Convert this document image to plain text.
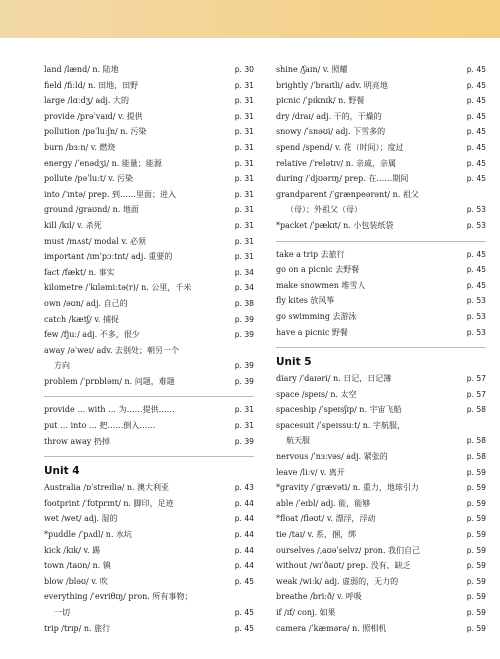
land /lænd/ n. 陆地	p. 30
field /fiːld/ n. 田地，田野	p. 31
large /lɑːdʒ/ adj. 大的	p. 31
provide /prəˈvaɪd/ v. 提供	p. 31
pollution /pəˈluːʃn/ n. 污染	p. 31
burn /bɜːn/ v. 燃烧	p. 31
energy /ˈenədʒi/ n. 能量；能源	p. 31
pollute /pəˈluːt/ v. 污染	p. 31
into /ˈɪntə/ prep. 到……里面；进入	p. 31
ground /ɡraʊnd/ n. 地面	p. 31
kill /kɪl/ v. 杀死	p. 31
must /mʌst/ modal v. 必须	p. 31
important /ɪmˈpɔːtnt/ adj. 重要的	p. 31
fact /fækt/ n. 事实	p. 34
kilometre /ˈkɪləmiːtə(r)/ n. 公里，千米	p. 34
own /əʊn/ adj. 自己的	p. 38
catch /kætʃ/ v. 捕捉	p. 39
few /fjuː/ adj. 不多，很少	p. 39
away /əˈweɪ/ adv. 去别处；朝另一个
方向	p. 39
problem /ˈprɒbləm/ n. 问题，难题	p. 39
provide … with … 为……提供……	p. 31
put … into … 把……倒入……	p. 31
throw away 扔掉	p. 39
Unit 4
Australia /ɒˈstreɪliə/ n. 澳大利亚	p. 43
footprint /ˈfʊtprɪnt/ n. 脚印，足迹	p. 44
wet /wet/ adj. 湿的	p. 44
*puddle /ˈpʌdl/ n. 水坑	p. 44
kick /kɪk/ v. 踢	p. 44
town /taʊn/ n. 镇	p. 44
blow /bləʊ/ v. 吹	p. 45
everything /ˈevriθɪŋ/ pron. 所有事物；
一切	p. 45
trip /trɪp/ n. 旅行	p. 45
shine /ʃaɪn/ v. 照耀	p. 45
brightly /ˈbraɪtli/ adv. 明亮地	p. 45
picnic /ˈpɪknɪk/ n. 野餐	p. 45
dry /draɪ/ adj. 干的，干燥的	p. 45
snowy /ˈsnəʊi/ adj. 下雪多的	p. 45
spend /spend/ v. 花（时间）；度过	p. 45
relative /ˈrelətɪv/ n. 亲戚，亲属	p. 45
during /ˈdjʊərɪŋ/ prep. 在……期间	p. 45
grandparent /ˈɡrænpeərənt/ n. 祖父
（母）；外祖父（母）	p. 53
*packet /ˈpækɪt/ n. 小包装纸袋	p. 53
take a trip 去旅行	p. 45
go on a picnic 去野餐	p. 45
make snowmen 堆雪人	p. 45
fly kites 放风筝	p. 53
go swimming 去游泳	p. 53
have a picnic 野餐	p. 53
Unit 5
diary /ˈdaɪəri/ n. 日记，日记簿	p. 57
space /speɪs/ n. 太空	p. 57
spaceship /ˈspeɪsʃɪp/ n. 宇宙飞船	p. 58
spacesuit /ˈspeɪssuːt/ n. 宇航服，
航天服	p. 58
nervous /ˈnɜːvəs/ adj. 紧张的	p. 58
leave /liːv/ v. 离开	p. 59
*gravity /ˈɡrævəti/ n. 重力，地球引力	p. 59
able /ˈeɪbl/ adj. 能，能够	p. 59
*float /fləʊt/ v. 漂浮，浮动	p. 59
tie /taɪ/ v. 系，捆，绑	p. 59
ourselves /ˌaʊəˈselvz/ pron. 我们自己	p. 59
without /wɪˈðaʊt/ prep. 没有，缺乏	p. 59
weak /wiːk/ adj. 虚弱的，无力的	p. 59
breathe /briːð/ v. 呼吸	p. 59
if /ɪf/ conj. 如果	p. 59
camera /ˈkæmərə/ n. 照相机	p. 59
